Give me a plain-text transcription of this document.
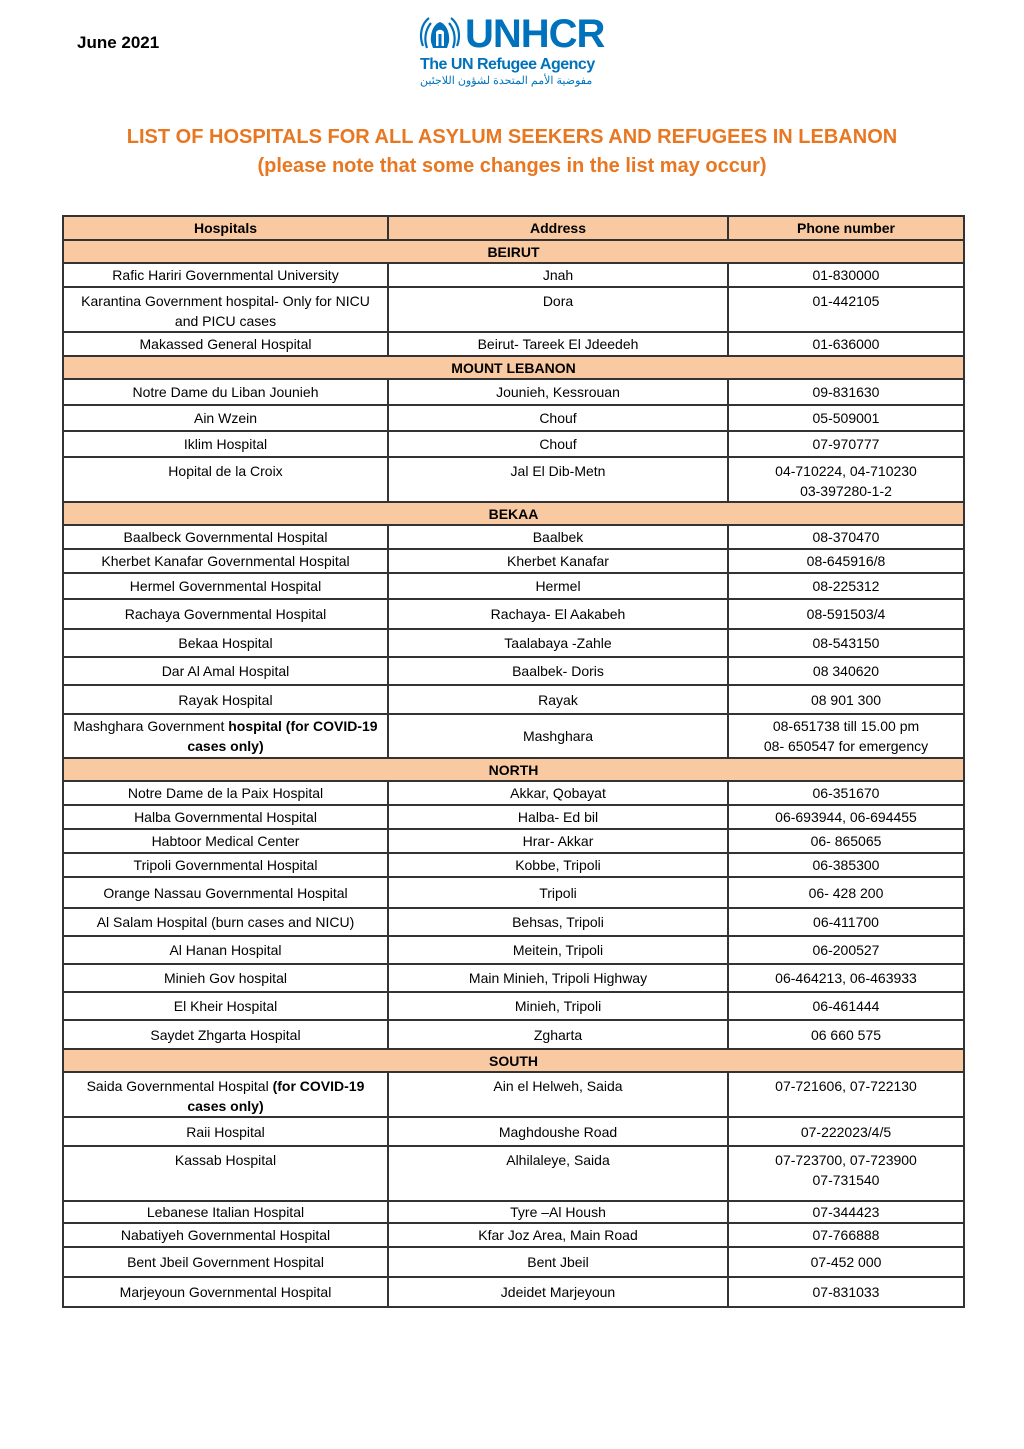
June 2021	UNHCR
The UN Refugee Agency
مفوضية الأمم المتحدة لشؤون اللاجئين
LIST OF HOSPITALS FOR ALL ASYLUM SEEKERS AND REFUGEES IN LEBANON
(please note that some changes in the list may occur)
Hospitals	Address	Phone number
BEIRUT		
Rafic Hariri Governmental University	Jnah	01-830000

Karantina Government hospital- Only for NICU and PICU cases	Dora	01-442105

Makassed General Hospital	Beirut- Tareek El Jdeedeh	01-636000

MOUNT LEBANON		
Notre Dame du Liban Jounieh	Jounieh, Kessrouan	09-831630

Ain Wzein	Chouf	05-509001

Iklim Hospital	Chouf	07-970777

Hopital de la Croix	Jal El Dib-Metn	04-710224, 04-710230
03-397280-1-2

BEKAA		
Baalbeck Governmental Hospital	Baalbek	08-370470

Kherbet Kanafar Governmental Hospital	Kherbet Kanafar	08-645916/8

Hermel Governmental Hospital	Hermel	08-225312

Rachaya Governmental Hospital	Rachaya- El Aakabeh	08-591503/4

Bekaa Hospital	Taalabaya -Zahle	08-543150

Dar Al Amal Hospital	Baalbek- Doris	08 340620

Rayak Hospital	Rayak	08 901 300

Mashghara Government hospital (for COVID-19 cases only)	Mashghara	08-651738 till 15.00 pm
08- 650547 for emergency

NORTH		
Notre Dame de la Paix Hospital	Akkar, Qobayat	06-351670

Halba Governmental Hospital	Halba- Ed bil	06-693944, 06-694455

Habtoor Medical Center	Hrar- Akkar	06- 865065

Tripoli Governmental Hospital	Kobbe, Tripoli	06-385300

Orange Nassau Governmental Hospital	Tripoli	06- 428 200

Al Salam Hospital (burn cases and NICU)	Behsas, Tripoli	06-411700

Al Hanan Hospital	Meitein, Tripoli	06-200527

Minieh Gov hospital	Main Minieh, Tripoli Highway	06-464213, 06-463933

El Kheir Hospital	Minieh, Tripoli	06-461444

Saydet Zhgarta Hospital	Zgharta	06 660 575

SOUTH		
Saida Governmental Hospital (for COVID-19 cases only)	Ain el Helweh, Saida	07-721606, 07-722130

Raii Hospital	Maghdoushe Road	07-222023/4/5

Kassab Hospital	Alhilaleye, Saida	07-723700, 07-723900
07-731540

Lebanese Italian Hospital	Tyre –Al Housh	07-344423

Nabatiyeh Governmental Hospital	Kfar Joz Area, Main Road	07-766888

Bent Jbeil Government Hospital	Bent Jbeil	07-452 000

Marjeyoun Governmental Hospital	Jdeidet Marjeyoun	07-831033
